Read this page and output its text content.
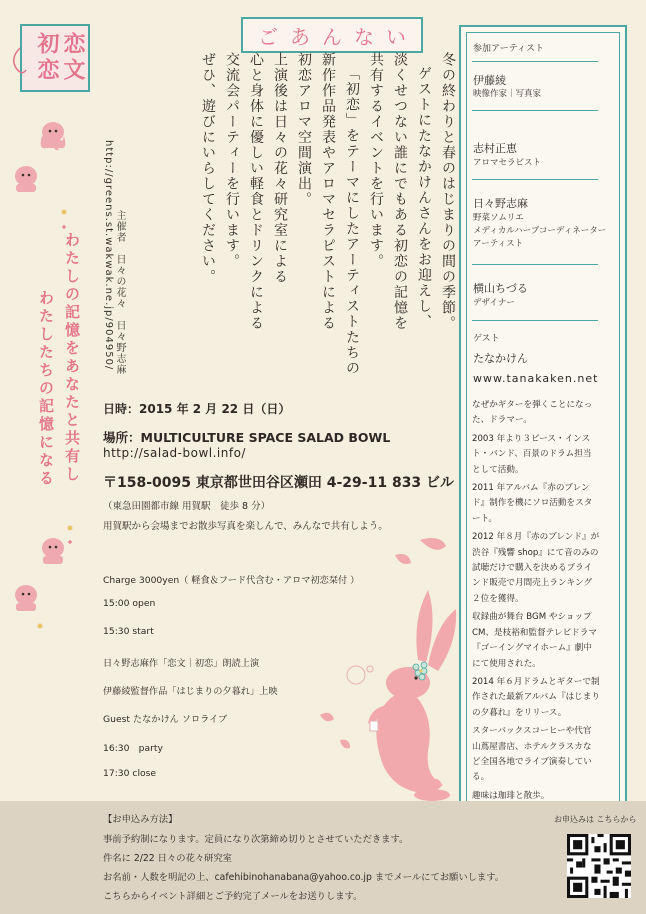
恋
文
初
恋
ごあんない

冬の終わりと春のはじまりの間の季節。

ゲストにたなかけんさんをお迎えし、

淡くせつない誰にでもある初恋の記憶を

共有するイベントを行います。

「初恋」をテーマにしたアーティストたちの

新作作品発表やアロマセラピストによる

初恋アロマ空間演出。

上演後は日々の花々研究室による

心と身体に優しい軽食とドリンクによる

交流会パーティーを行います。

ぜひ、遊びにいらしてください。

主催者　日々の花々　日々野志麻
http://greens.st.wakwak.ne.jp/904950/
わたしの記憶をあなたと共有し
わたしたちの記憶になる
参加アーティスト
伊藤綾
映像作家｜写真家
志村正恵
アロマセラピスト
日々野志麻
野菜ソムリエ
メディカルハーブコーディネーター
アーティスト
横山ちづる
デザイナー
ゲスト
たなかけん
www.tanakaken.net

なぜかギターを弾くことになった、ドラマー。

2003 年より３ピース・インスト・バンド、百景のドラム担当として活動。

2011 年アルバム『赤のブレンド』制作を機にソロ活動をスタート。

2012 年８月『赤のブレンド』が渋谷『残響 shop』にて音のみの試聴だけで購入を決めるブラインド販売で月間売上ランキング２位を獲得。

収録曲が舞台 BGM やショップ CM、是枝裕和監督テレビドラマ『ゴーイングマイホーム』劇中にて使用された。

2014 年６月ドラムとギターで制作された最新アルバム『はじまりの夕暮れ』をリリース。

スターバックスコーヒーや代官山蔦屋書店、ホテルクラスカなど全国各地でライブ演奏している。

趣味は珈琲と散歩。

日時：2015 年 2 月 22 日（日）
場所：MULTICULTURE SPACE SALAD BOWL
http://salad-bowl.info/
〒158-0095 東京都世田谷区瀬田 4-29-11 833 ビル
（東急田園都市線 用賀駅　徒歩 8 分）
用賀駅から会場までお散歩写真を楽しんで、みんなで共有しよう。
Charge 3000yen（ 軽食＆フード代含む・アロマ初恋栞付 ）
15:00 open
15:30 start
日々野志麻作「恋文｜初恋」朗読上演
伊藤綾監督作品「はじまりの夕暮れ」上映
Guest たなかけん ソロライブ
16:30　party
17:30 close
【お申込み方法】
事前予約制になります。定員になり次第締め切りとさせていただきます。
件名に 2/22 日々の花々研究室
お名前・人数を明記の上、cafehibinohanabana@yahoo.co.jp までメールにてお願いします。
こちらからイベント詳細とご予約完了メールをお送りします。
お申込みは こちらから
